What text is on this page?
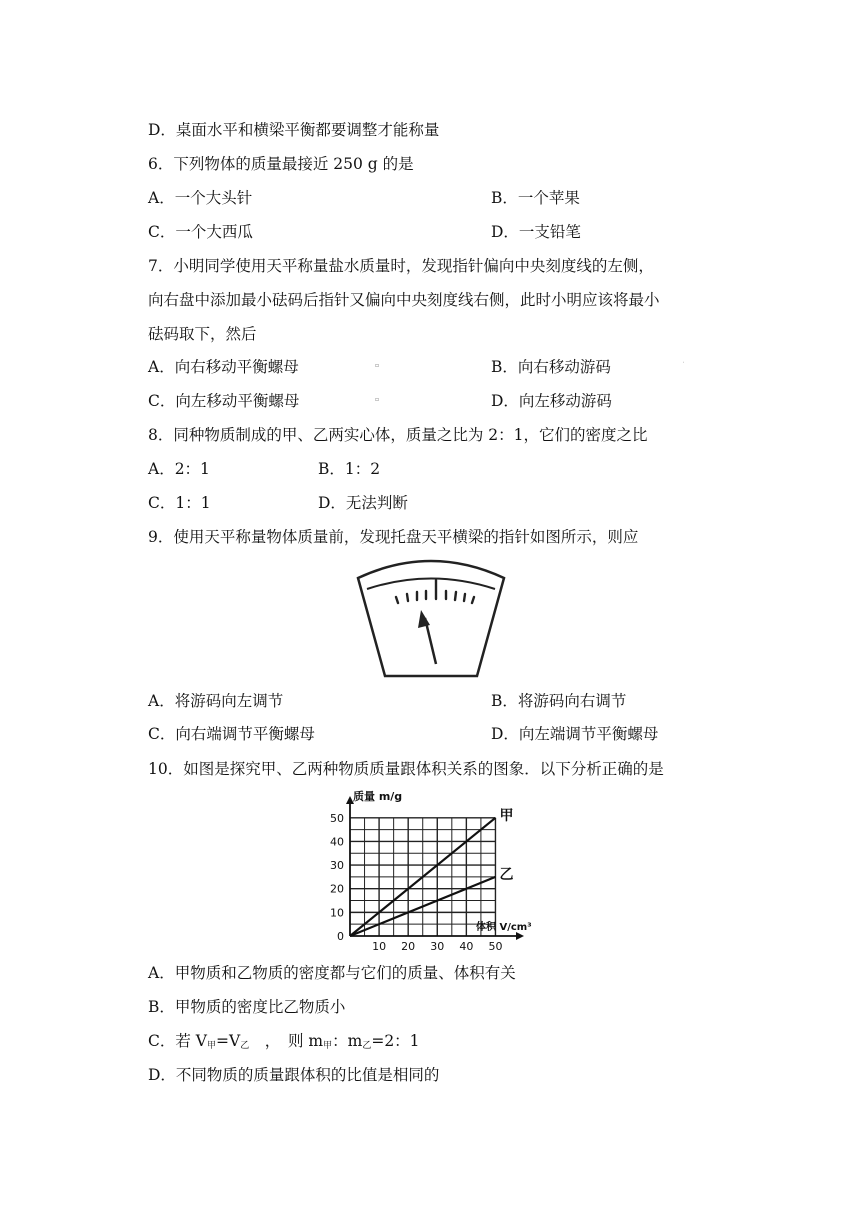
D．桌面水平和横梁平衡都要调整才能称量
6．下列物体的质量最接近 250 g 的是
A．一个大头针	B．一个苹果
C．一个大西瓜	D．一支铅笔
7．小明同学使用天平称量盐水质量时，发现指针偏向中央刻度线的左侧，
向右盘中添加最小砝码后指针又偏向中央刻度线右侧，此时小明应该将最小
砝码取下，然后
A．向右移动平衡螺母	B．向右移动游码
C．向左移动平衡螺母	D．向左移动游码
▫	˙
▫
8．同种物质制成的甲、乙两实心体，质量之比为 2：1，它们的密度之比
A．2：1	B．1：2
C．1：1	D．无法判断
9．使用天平称量物体质量前，发现托盘天平横梁的指针如图所示，则应
A．将游码向左调节	B．将游码向右调节
C．向右端调节平衡螺母	D．向左端调节平衡螺母
10．如图是探究甲、乙两种物质质量跟体积关系的图象．以下分析正确的是
0
10
20
30
40
50
10 20 30 40 50
甲
乙
质量 m/g
体积 V/cm³
A．甲物质和乙物质的密度都与它们的质量、体积有关
B．甲物质的密度比乙物质小
C．若 $V_甲=V_乙$　，　则 $m_甲$：$m_乙=2$：1
D．不同物质的质量跟体积的比值是相同的
